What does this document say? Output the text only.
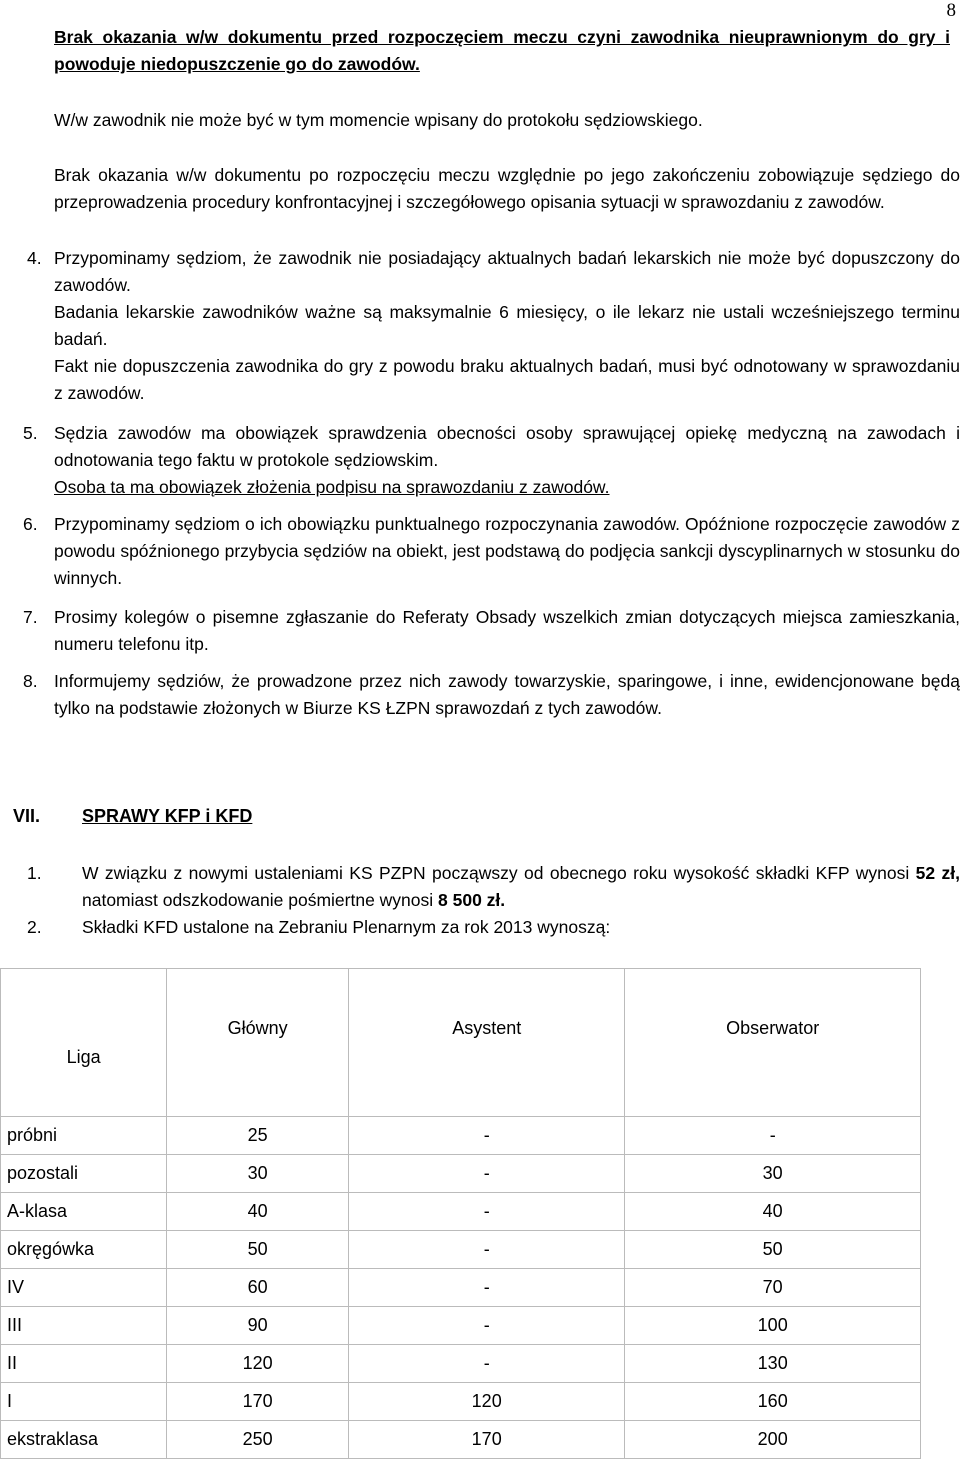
8
Brak okazania w/w dokumentu przed rozpoczęciem meczu czyni zawodnika nieuprawnionym do gry i powoduje niedopuszczenie go do zawodów.
W/w zawodnik nie może być w tym momencie wpisany do protokołu sędziowskiego.
Brak okazania w/w dokumentu po rozpoczęciu meczu względnie po jego zakończeniu zobowiązuje sędziego do przeprowadzenia procedury konfrontacyjnej i szczegółowego opisania sytuacji w sprawozdaniu z zawodów.
4. Przypominamy sędziom, że zawodnik nie posiadający aktualnych badań lekarskich nie może być dopuszczony do zawodów.
Badania lekarskie zawodników ważne są maksymalnie 6 miesięcy, o ile lekarz nie ustali wcześniejszego terminu badań.
Fakt nie dopuszczenia zawodnika do gry z powodu braku aktualnych badań, musi być odnotowany w sprawozdaniu z zawodów.
5. Sędzia zawodów ma obowiązek sprawdzenia obecności osoby sprawującej opiekę medyczną na zawodach i odnotowania tego faktu w protokole sędziowskim.
Osoba ta ma obowiązek złożenia podpisu na sprawozdaniu z zawodów.
6. Przypominamy sędziom o ich obowiązku punktualnego rozpoczynania zawodów. Opóźnione rozpoczęcie zawodów z powodu spóźnionego przybycia sędziów na obiekt, jest podstawą do podjęcia sankcji dyscyplinarnych w stosunku do winnych.
7. Prosimy kolegów o pisemne zgłaszanie do Referaty Obsady wszelkich zmian dotyczących miejsca zamieszkania, numeru telefonu itp.
8. Informujemy sędziów, że prowadzone przez nich zawody towarzyskie, sparingowe, i inne, ewidencjonowane będą tylko na podstawie złożonych w Biurze KS ŁZPN sprawozdań z tych zawodów.
VII. SPRAWY KFP i KFD
1.	W związku z nowymi ustaleniami KS PZPN począwszy od obecnego roku wysokość składki KFP wynosi 52 zł, natomiast odszkodowanie pośmiertne wynosi 8 500 zł.
2.	Składki KFD ustalone na Zebraniu Plenarnym za rok 2013 wynoszą:
Liga	Główny	Asystent	Obserwator
próbni	25	-	-
pozostali	30	-	30
A-klasa	40	-	40
okręgówka	50	-	50
IV	60	-	70
III	90	-	100
II	120	-	130
I	170	120	160
ekstraklasa	250	170	200
